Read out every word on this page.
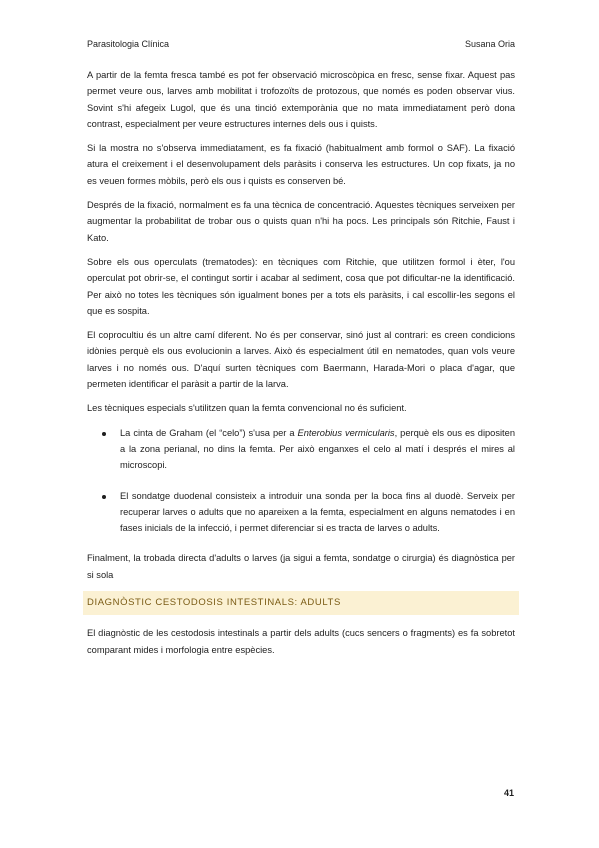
Parasitologia Clínica	Susana Oria

A partir de la femta fresca també es pot fer observació microscòpica en fresc, sense fixar. Aquest pas permet veure ous, larves amb mobilitat i trofozoïts de protozous, que només es poden observar vius. Sovint s'hi afegeix Lugol, que és una tinció extemporània que no mata immediatament però dona contrast, especialment per veure estructures internes dels ous i quists.

Si la mostra no s'observa immediatament, es fa fixació (habitualment amb formol o SAF). La fixació atura el creixement i el desenvolupament dels paràsits i conserva les estructures. Un cop fixats, ja no es veuen formes mòbils, però els ous i quists es conserven bé.

Després de la fixació, normalment es fa una tècnica de concentració. Aquestes tècniques serveixen per augmentar la probabilitat de trobar ous o quists quan n'hi ha pocs. Les principals són Ritchie, Faust i Kato.

Sobre els ous operculats (trematodes): en tècniques com Ritchie, que utilitzen formol i èter, l'ou operculat pot obrir-se, el contingut sortir i acabar al sediment, cosa que pot dificultar-ne la identificació. Per això no totes les tècniques són igualment bones per a tots els paràsits, i cal escollir-les segons el que es sospita.

El coprocultiu és un altre camí diferent. No és per conservar, sinó just al contrari: es creen condicions idònies perquè els ous evolucionin a larves. Això és especialment útil en nematodes, quan vols veure larves i no només ous. D'aquí surten tècniques com Baermann, Harada-Mori o placa d'agar, que permeten identificar el paràsit a partir de la larva.

Les tècniques especials s'utilitzen quan la femta convencional no és suficient.

La cinta de Graham (el “celo”) s'usa per a Enterobius vermicularis, perquè els ous es dipositen a la zona perianal, no dins la femta. Per això enganxes el celo al matí i després el mires al microscopi.
El sondatge duodenal consisteix a introduir una sonda per la boca fins al duodè. Serveix per recuperar larves o adults que no apareixen a la femta, especialment en alguns nematodes i en fases inicials de la infecció, i permet diferenciar si es tracta de larves o adults.

Finalment, la trobada directa d'adults o larves (ja sigui a femta, sondatge o cirurgia) és diagnòstica per si sola

DIAGNÒSTIC CESTODOSIS INTESTINALS: ADULTS

El diagnòstic de les cestodosis intestinals a partir dels adults (cucs sencers o fragments) es fa sobretot comparant mides i morfologia entre espècies.

41
